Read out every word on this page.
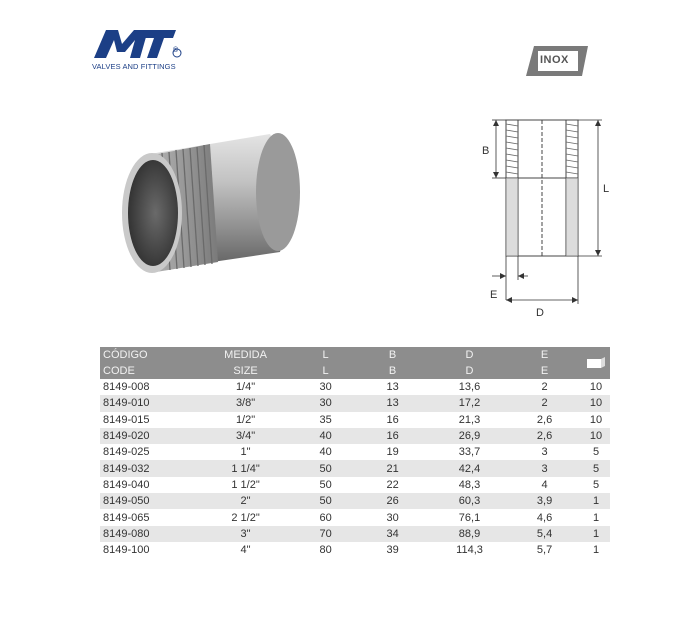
®
VALVES AND FITTINGS
INOX
B
L
E
D
CÓDIGO	MEDIDA	L	B	D	E	
CODE	SIZE	L	B	D	E	
8149-008	1/4"	30	13	13,6	2	10
8149-010	3/8"	30	13	17,2	2	10
8149-015	1/2"	35	16	21,3	2,6	10
8149-020	3/4"	40	16	26,9	2,6	10
8149-025	1"	40	19	33,7	3	5
8149-032	1 1/4"	50	21	42,4	3	5
8149-040	1 1/2"	50	22	48,3	4	5
8149-050	2"	50	26	60,3	3,9	1
8149-065	2 1/2"	60	30	76,1	4,6	1
8149-080	3"	70	34	88,9	5,4	1
8149-100	4"	80	39	114,3	5,7	1
